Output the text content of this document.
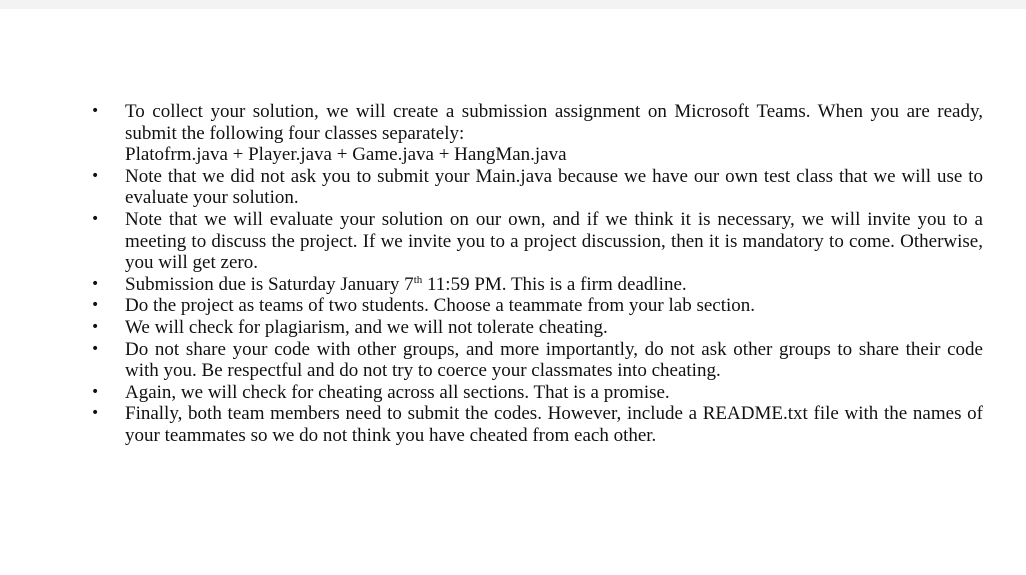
• To collect your solution, we will create a submission assignment on Microsoft Teams. When you are ready, submit the following four classes separately:
Platofrm.java + Player.java + Game.java + HangMan.java
• Note that we did not ask you to submit your Main.java because we have our own test class that we will use to evaluate your solution.
• Note that we will evaluate your solution on our own, and if we think it is necessary, we will invite you to a meeting to discuss the project. If we invite you to a project discussion, then it is mandatory to come. Otherwise, you will get zero.
• Submission due is Saturday January 7th 11:59 PM. This is a firm deadline.
• Do the project as teams of two students. Choose a teammate from your lab section.
• We will check for plagiarism, and we will not tolerate cheating.
• Do not share your code with other groups, and more importantly, do not ask other groups to share their code with you. Be respectful and do not try to coerce your classmates into cheating.
• Again, we will check for cheating across all sections. That is a promise.
• Finally, both team members need to submit the codes. However, include a README.txt file with the names of your teammates so we do not think you have cheated from each other.
